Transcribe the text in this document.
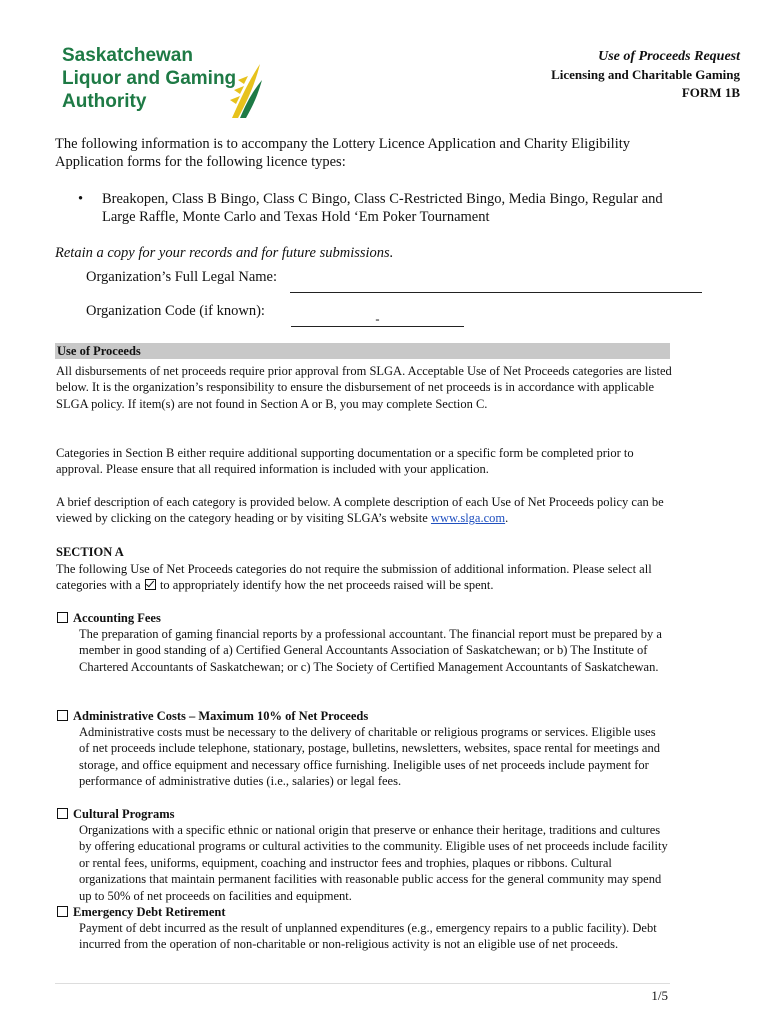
Saskatchewan
Liquor and Gaming
Authority
Use of Proceeds Request
Licensing and Charitable Gaming
FORM 1B
The following information is to accompany the Lottery Licence Application and Charity Eligibility Application forms for the following licence types:
• Breakopen, Class B Bingo, Class C Bingo, Class C-Restricted Bingo, Media Bingo, Regular and Large Raffle, Monte Carlo and Texas Hold ‘Em Poker Tournament
Retain a copy for your records and for future submissions.
Organization’s Full Legal Name:
Organization Code (if known):	-
Use of Proceeds
All disbursements of net proceeds require prior approval from SLGA. Acceptable Use of Net Proceeds categories are listed below. It is the organization’s responsibility to ensure the disbursement of net proceeds is in accordance with applicable SLGA policy. If item(s) are not found in Section A or B, you may complete Section C.
Categories in Section B either require additional supporting documentation or a specific form be completed prior to approval. Please ensure that all required information is included with your application.
A brief description of each category is provided below. A complete description of each Use of Net Proceeds policy can be viewed by clicking on the category heading or by visiting SLGA’s website www.slga.com.
SECTION A
The following Use of Net Proceeds categories do not require the submission of additional information. Please select all categories with a  to appropriately identify how the net proceeds raised will be spent.
Accounting Fees
The preparation of gaming financial reports by a professional accountant. The financial report must be prepared by a member in good standing of a) Certified General Accountants Association of Saskatchewan; or b) The Institute of Chartered Accountants of Saskatchewan; or c) The Society of Certified Management Accountants of Saskatchewan.
Administrative Costs – Maximum 10% of Net Proceeds
Administrative costs must be necessary to the delivery of charitable or religious programs or services. Eligible uses of net proceeds include telephone, stationary, postage, bulletins, newsletters, websites, space rental for meetings and storage, and office equipment and necessary office furnishing. Ineligible uses of net proceeds include payment for performance of administrative duties (i.e., salaries) or legal fees.
Cultural Programs
Organizations with a specific ethnic or national origin that preserve or enhance their heritage, traditions and cultures by offering educational programs or cultural activities to the community. Eligible uses of net proceeds include facility or rental fees, uniforms, equipment, coaching and instructor fees and trophies, plaques or ribbons. Cultural organizations that maintain permanent facilities with reasonable public access for the general community may spend up to 50% of net proceeds on facilities and equipment.
Emergency Debt Retirement
Payment of debt incurred as the result of unplanned expenditures (e.g., emergency repairs to a public facility). Debt incurred from the operation of non-charitable or non-religious activity is not an eligible use of net proceeds.
1/5
